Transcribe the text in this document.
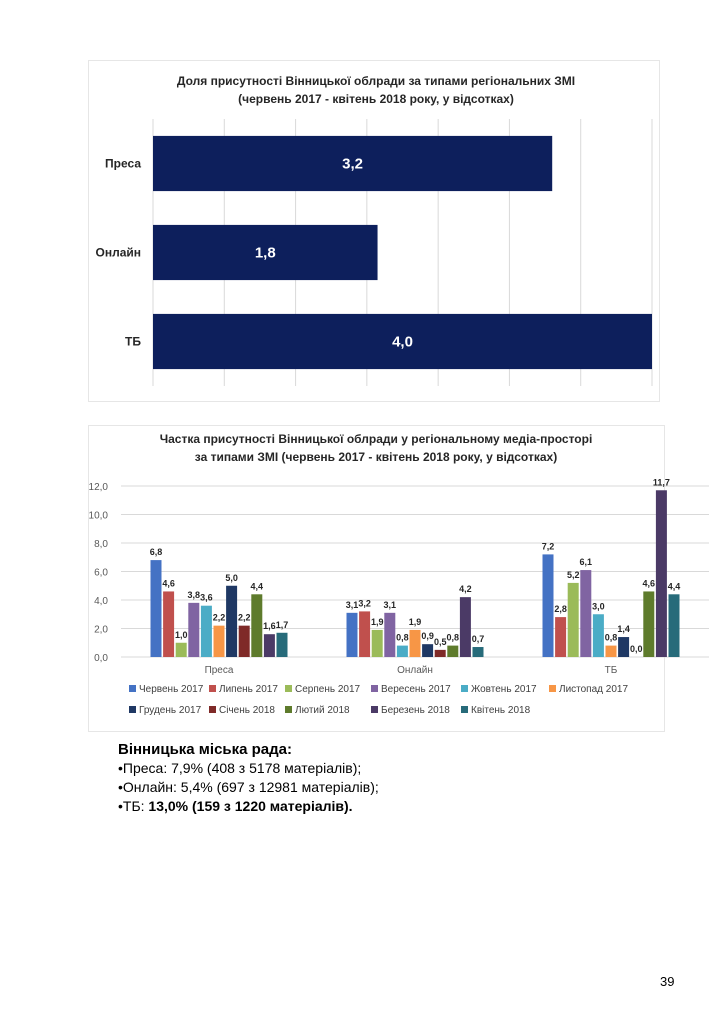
Доля присутності Вінницької облради за типами регіональних ЗМІ
(червень 2017 - квітень 2018 року, у відсотках)
Преса	3,2
Онлайн	1,8
ТБ	4,0
Частка присутності Вінницької облради у регіональному медіа-просторі
за типами ЗМІ (червень 2017 - квітень 2018 року, у відсотках)
0,0
2,0
4,0
6,0
8,0
10,0
12,0
Преса
6,8
4,6
1,0
3,8 3,6
2,2
5,0
2,2
4,4
1,6 1,7
Онлайн
3,1 3,2
1,9
3,1
0,8
1,9
0,9
0,5 0,8
4,2
0,7
ТБ
7,2
2,8
5,2
6,1
3,0
0,8
1,4
0,0
4,6
11,7
4,4
Червень 2017 Липень 2017 Серпень 2017 Вересень 2017 Жовтень 2017 Листопад 2017
Грудень 2017 Січень 2018 Лютий 2018	Березень 2018 Квітень 2018
Вінницька міська рада:
•Преса: 7,9% (408 з 5178 матеріалів);
•Онлайн: 5,4% (697 з 12981 матеріалів);
•ТБ: 13,0% (159 з 1220 матеріалів).
39
